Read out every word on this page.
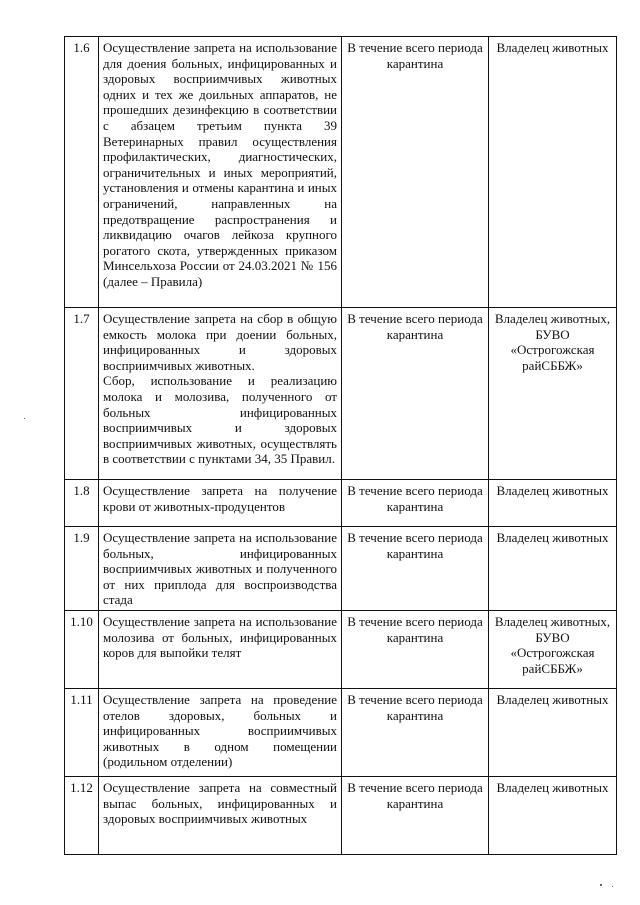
1.6	Осуществление запрета на использование для доения больных, инфицированных и здоровых восприимчивых животных одних и тех же доильных аппаратов, не прошедших дезинфекцию в соответствии с абзацем третьим пункта 39 Ветеринарных правил осуществления профилактических, диагностических, ограничительных и иных мероприятий, установления и отмены карантина и иных ограничений, направленных на предотвращение распространения и ликвидацию очагов лейкоза крупного рогатого скота, утвержденных приказом Минсельхоза России от 24.03.2021 № 156 (далее – Правила)	В течение всего периода карантина	Владелец животных

1.7	Осуществление запрета на сбор в общую емкость молока при доении больных, инфицированных и здоровых восприимчивых животных.
Сбор, использование и реализацию молока и молозива, полученного от больных инфицированных восприимчивых и здоровых восприимчивых животных, осуществлять в соответствии с пунктами 34, 35 Правил.	В течение всего периода карантина	Владелец животных, БУВО «Острогожская райСББЖ»

1.8	Осуществление запрета на получение крови от животных-продуцентов	В течение всего периода карантина	Владелец животных

1.9	Осуществление запрета на использование больных, инфицированных восприимчивых животных и полученного от них приплода для воспроизводства стада	В течение всего периода карантина	Владелец животных

1.10	Осуществление запрета на использование молозива от больных, инфицированных коров для выпойки телят	В течение всего периода карантина	Владелец животных, БУВО «Острогожская райСББЖ»

1.11	Осуществление запрета на проведение отелов здоровых, больных и инфицированных восприимчивых животных в одном помещении (родильном отделении)	В течение всего периода карантина	Владелец животных

1.12	Осуществление запрета на совместный выпас больных, инфицированных и здоровых восприимчивых животных	В течение всего периода карантина	Владелец животных
